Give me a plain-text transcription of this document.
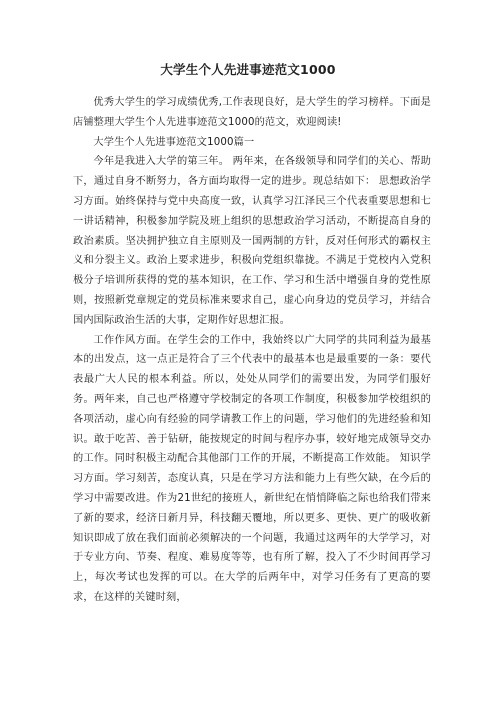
大学生个人先进事迹范文1000

优秀大学生的学习成绩优秀,工作表现良好，是大学生的学习榜样。下面是店铺整理大学生个人先进事迹范文1000的范文，欢迎阅读!

大学生个人先进事迹范文1000篇一

今年是我进入大学的第三年。 两年来，在各级领导和同学们的关心、帮助下，通过自身不断努力，各方面均取得一定的进步。现总结如下： 思想政治学习方面。始终保持与党中央高度一致，认真学习江泽民三个代表重要思想和七一讲话精神，积极参加学院及班上组织的思想政治学习活动，不断提高自身的政治素质。坚决拥护独立自主原则及一国两制的方针，反对任何形式的霸权主义和分裂主义。政治上要求进步，积极向党组织靠拢。不满足于党校内入党积极分子培训所获得的党的基本知识，在工作、学习和生活中增强自身的党性原则，按照新党章规定的党员标准来要求自己，虚心向身边的党员学习，并结合国内国际政治生活的大事，定期作好思想汇报。

工作作风方面。在学生会的工作中，我始终以广大同学的共同利益为最基本的出发点，这一点正是符合了三个代表中的最基本也是最重要的一条：要代表最广大人民的根本利益。所以，处处从同学们的需要出发，为同学们服好务。两年来，自己也严格遵守学校制定的各项工作制度，积极参加学校组织的各项活动，虚心向有经验的同学请教工作上的问题，学习他们的先进经验和知识。敢于吃苦、善于钻研，能按规定的时间与程序办事，较好地完成领导交办的工作。同时积极主动配合其他部门工作的开展，不断提高工作效能。 知识学习方面。学习刻苦，态度认真，只是在学习方法和能力上有些欠缺，在今后的学习中需要改进。作为21世纪的接班人，新世纪在悄悄降临之际也给我们带来了新的要求，经济日新月异，科技翻天覆地，所以更多、更快、更广的吸收新知识即成了放在我们面前必须解决的一个问题，我通过这两年的大学学习，对于专业方向、节奏、程度、难易度等等，也有所了解，投入了不少时间再学习上，每次考试也发挥的可以。在大学的后两年中，对学习任务有了更高的要求，在这样的关键时刻，
